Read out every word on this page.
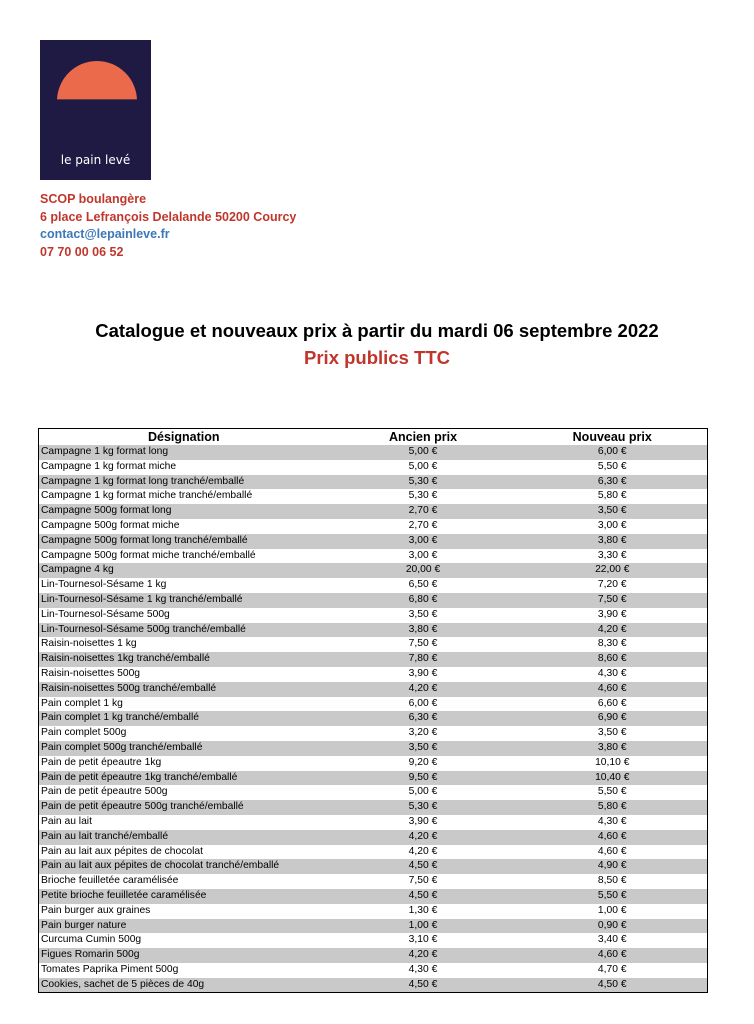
le pain levé
SCOP boulangère
6 place Lefrançois Delalande 50200 Courcy
contact@lepainleve.fr
07 70 00 06 52
Catalogue et nouveaux prix à partir du mardi 06 septembre 2022
Prix publics TTC
Désignation	Ancien prix	Nouveau prix
Campagne 1 kg format long	5,00 €	6,00 €
Campagne 1 kg format miche	5,00 €	5,50 €
Campagne 1 kg format long tranché/emballé	5,30 €	6,30 €
Campagne 1 kg format miche tranché/emballé	5,30 €	5,80 €
Campagne 500g format long	2,70 €	3,50 €
Campagne 500g format miche	2,70 €	3,00 €
Campagne 500g format long tranché/emballé	3,00 €	3,80 €
Campagne 500g format miche tranché/emballé	3,00 €	3,30 €
Campagne 4 kg	20,00 €	22,00 €
Lin-Tournesol-Sésame 1 kg	6,50 €	7,20 €
Lin-Tournesol-Sésame 1 kg tranché/emballé	6,80 €	7,50 €
Lin-Tournesol-Sésame 500g	3,50 €	3,90 €
Lin-Tournesol-Sésame 500g tranché/emballé	3,80 €	4,20 €
Raisin-noisettes 1 kg	7,50 €	8,30 €
Raisin-noisettes 1kg tranché/emballé	7,80 €	8,60 €
Raisin-noisettes 500g	3,90 €	4,30 €
Raisin-noisettes 500g tranché/emballé	4,20 €	4,60 €
Pain complet 1 kg	6,00 €	6,60 €
Pain complet 1 kg tranché/emballé	6,30 €	6,90 €
Pain complet 500g	3,20 €	3,50 €
Pain complet 500g tranché/emballé	3,50 €	3,80 €
Pain de petit épeautre 1kg	9,20 €	10,10 €
Pain de petit épeautre 1kg tranché/emballé	9,50 €	10,40 €
Pain de petit épeautre 500g	5,00 €	5,50 €
Pain de petit épeautre 500g tranché/emballé	5,30 €	5,80 €
Pain au lait	3,90 €	4,30 €
Pain au lait tranché/emballé	4,20 €	4,60 €
Pain au lait aux pépites de chocolat	4,20 €	4,60 €
Pain au lait aux pépites de chocolat tranché/emballé	4,50 €	4,90 €
Brioche feuilletée caramélisée	7,50 €	8,50 €
Petite brioche feuilletée caramélisée	4,50 €	5,50 €
Pain burger aux graines	1,30 €	1,00 €
Pain burger nature	1,00 €	0,90 €
Curcuma Cumin 500g	3,10 €	3,40 €
Figues Romarin 500g	4,20 €	4,60 €
Tomates Paprika Piment 500g	4,30 €	4,70 €
Cookies, sachet de 5 pièces de 40g	4,50 €	4,50 €
